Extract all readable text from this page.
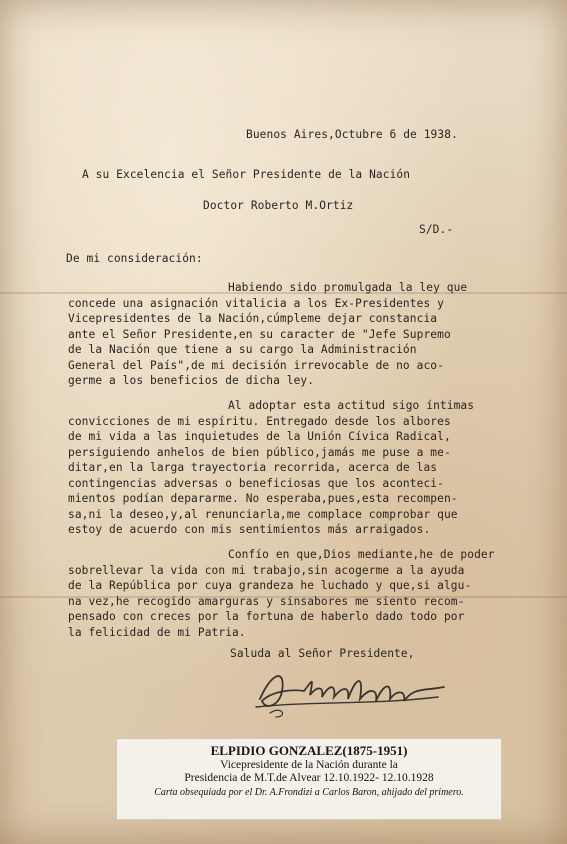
Buenos Aires,Octubre 6 de 1938.
A su Excelencia el Señor Presidente de la Nación
Doctor Roberto M.Ortiz
S/D.-
De mi consideración:
Habiendo sido promulgada la ley que
concede una asignación vitalicia a los Ex-Presidentes y
Vicepresidentes de la Nación,cúmpleme dejar constancia
ante el Señor Presidente,en su caracter de "Jefe Supremo
de la Nación que tiene a su cargo la Administración
General del País",de mi decisión irrevocable de no aco-
germe a los beneficios de dicha ley.
Al adoptar esta actitud sigo íntimas
convicciones de mi espíritu. Entregado desde los albores
de mi vida a las inquietudes de la Unión Cívica Radical,
persiguiendo anhelos de bien público,jamás me puse a me-
ditar,en la larga trayectoria recorrida, acerca de las
contingencias adversas o beneficiosas que los aconteci-
mientos podían depararme. No esperaba,pues,esta recompen-
sa,ni la deseo,y,al renunciarla,me complace comprobar que
estoy de acuerdo con mis sentimientos más arraigados.
Confío en que,Dios mediante,he de poder
sobrellevar la vida con mi trabajo,sin acogerme a la ayuda
de la República por cuya grandeza he luchado y que,si algu-
na vez,he recogido amarguras y sinsabores me siento recom-
pensado con creces por la fortuna de haberlo dado todo por
la felicidad de mi Patria.
Saluda al Señor Presidente,
ELPIDIO GONZALEZ(1875-1951)
Vicepresidente de la Nación durante la
Presidencia de M.T.de Alvear 12.10.1922- 12.10.1928
Carta obsequiada por el Dr. A.Frondizi a Carlos Baron, ahijado del primero.
